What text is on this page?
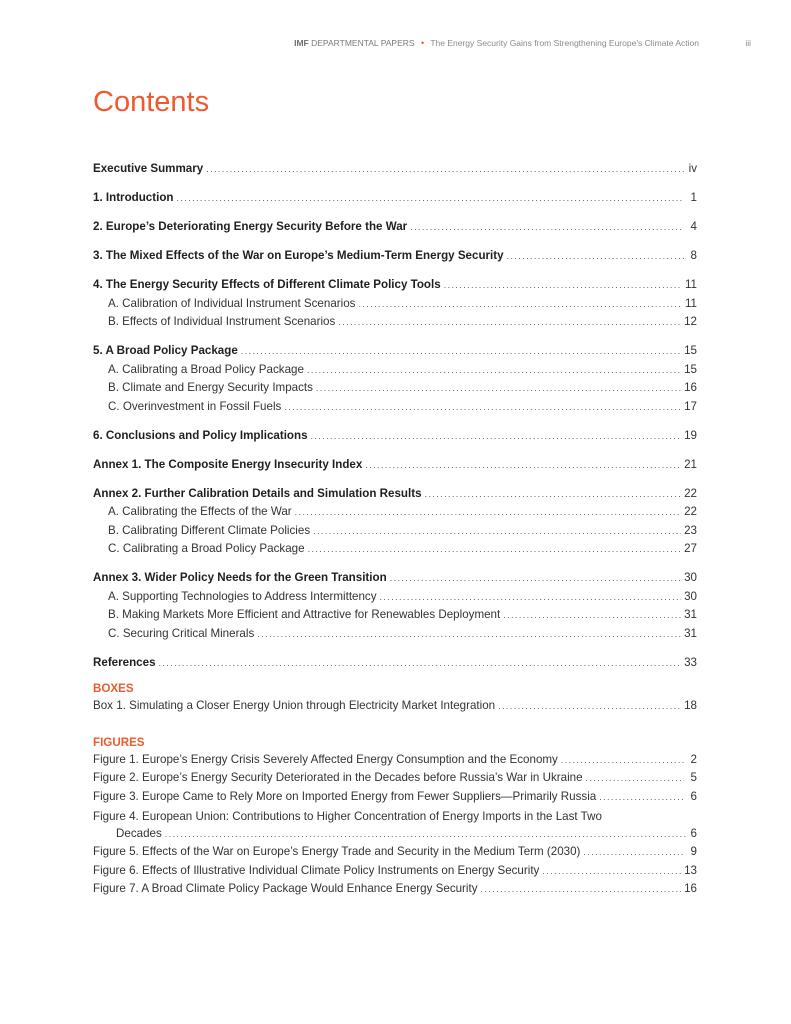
IMF DEPARTMENTAL PAPERS • The Energy Security Gains from Strengthening Europe’s Climate Action	iii
Contents
Executive Summary .....	iv
1. Introduction .....	1
2. Europe’s Deteriorating Energy Security Before the War .....	4
3. The Mixed Effects of the War on Europe’s Medium-Term Energy Security .....	8
4. The Energy Security Effects of Different Climate Policy Tools .....	11
A. Calibration of Individual Instrument Scenarios .....	11
B. Effects of Individual Instrument Scenarios .....	12
5. A Broad Policy Package .....	15
A. Calibrating a Broad Policy Package .....	15
B. Climate and Energy Security Impacts .....	16
C. Overinvestment in Fossil Fuels .....	17
6. Conclusions and Policy Implications .....	19
Annex 1. The Composite Energy Insecurity Index .....	21
Annex 2. Further Calibration Details and Simulation Results .....	22
A. Calibrating the Effects of the War .....	22
B. Calibrating Different Climate Policies .....	23
C. Calibrating a Broad Policy Package .....	27
Annex 3. Wider Policy Needs for the Green Transition .....	30
A. Supporting Technologies to Address Intermittency .....	30
B. Making Markets More Efficient and Attractive for Renewables Deployment .....	31
C. Securing Critical Minerals .....	31
References .....	33
BOXES
Box 1. Simulating a Closer Energy Union through Electricity Market Integration .....	18
FIGURES
Figure 1. Europe’s Energy Crisis Severely Affected Energy Consumption and the Economy .....	2
Figure 2. Europe’s Energy Security Deteriorated in the Decades before Russia’s War in Ukraine .....	5
Figure 3. Europe Came to Rely More on Imported Energy from Fewer Suppliers—Primarily Russia .....	6
Figure 4. European Union: Contributions to Higher Concentration of Energy Imports in the Last Two
Decades .....	6
Figure 5. Effects of the War on Europe’s Energy Trade and Security in the Medium Term (2030) .....	9
Figure 6. Effects of Illustrative Individual Climate Policy Instruments on Energy Security .....	13
Figure 7. A Broad Climate Policy Package Would Enhance Energy Security .....	16
